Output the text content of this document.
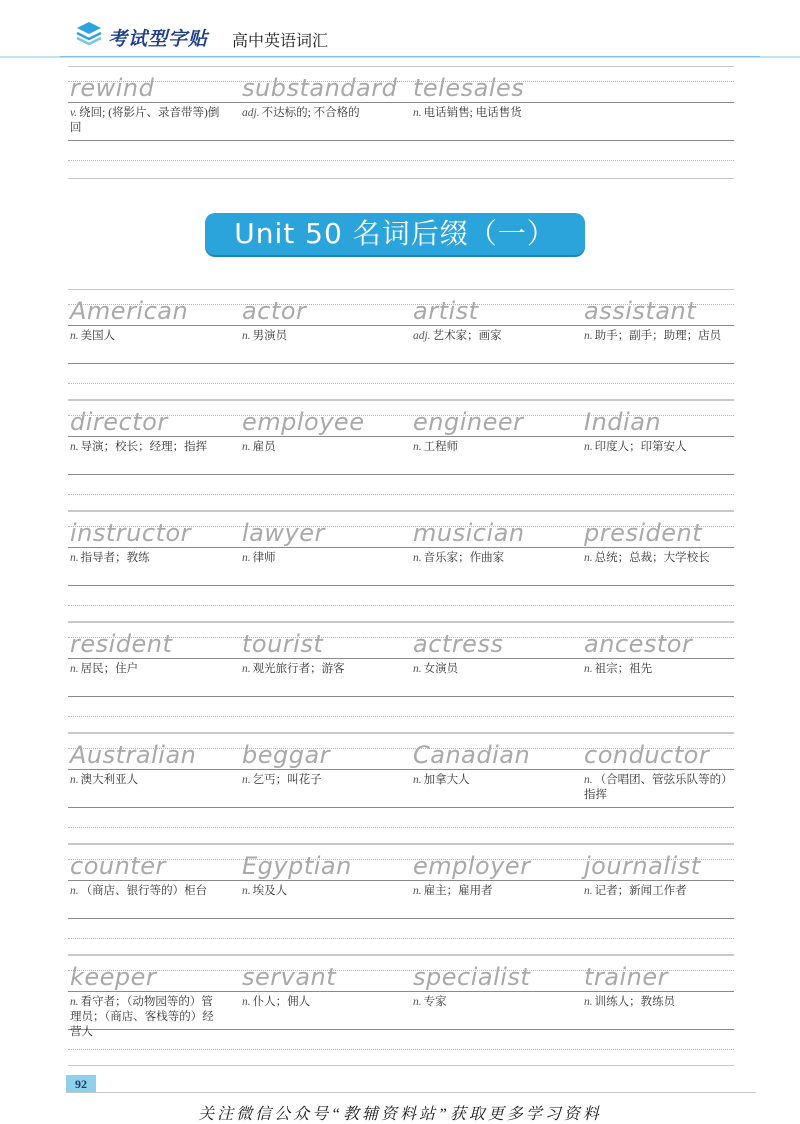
考试型字贴 高中英语词汇
rewind
v. 绕回; (将影片、录音带等)倒回
substandard
adj. 不达标的; 不合格的
telesales
n. 电话销售; 电话售货
Unit 50 名词后缀（一）
American
n. 美国人
actor
n. 男演员
artist
adj. 艺术家；画家
assistant
n. 助手；副手；助理；店员
director
n. 导演；校长；经理；指挥
employee
n. 雇员
engineer
n. 工程师
Indian
n. 印度人；印第安人
instructor
n. 指导者；教练
lawyer
n. 律师
musician
n. 音乐家；作曲家
president
n. 总统；总裁；大学校长
resident
n. 居民；住户
tourist
n. 观光旅行者；游客
actress
n. 女演员
ancestor
n. 祖宗；祖先
Australian
n. 澳大利亚人
beggar
n. 乞丐；叫花子
Canadian
n. 加拿大人
conductor
n. （合唱团、管弦乐队等的）指挥
counter
n. （商店、银行等的）柜台
Egyptian
n. 埃及人
employer
n. 雇主；雇用者
journalist
n. 记者；新闻工作者
keeper
n. 看守者；（动物园等的）管理员；（商店、客栈等的）经营人
servant
n. 仆人；佣人
specialist
n. 专家
trainer
n. 训练人；教练员
92
关注微信公众号“教辅资料站”获取更多学习资料
